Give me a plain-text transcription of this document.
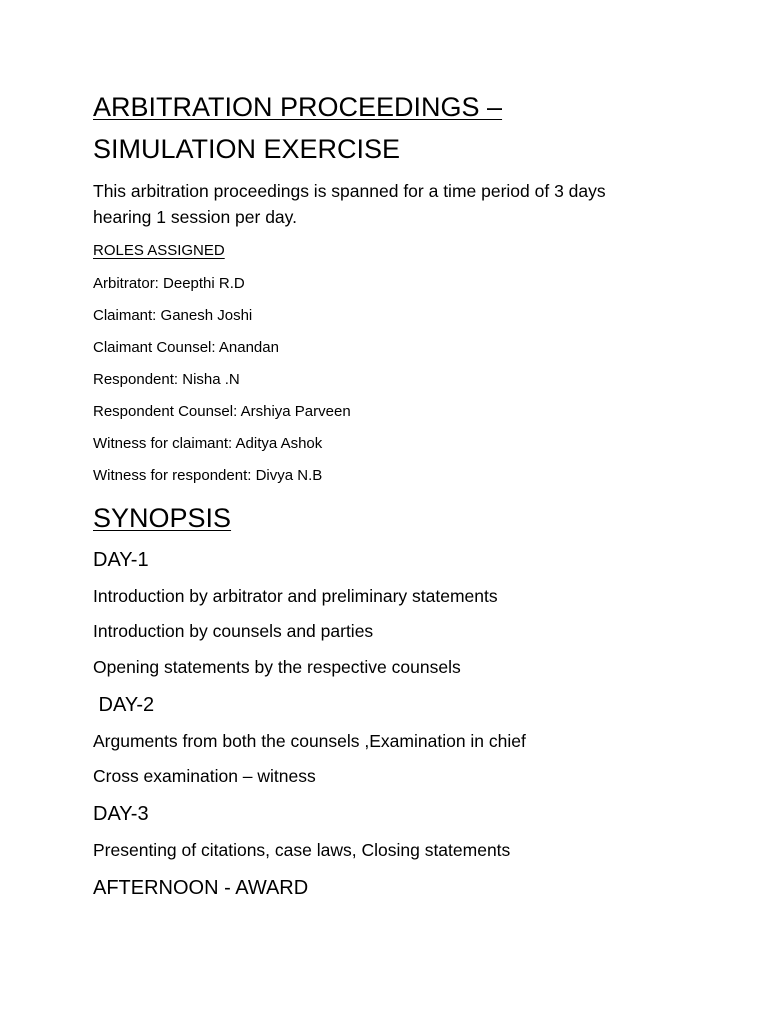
ARBITRATION PROCEEDINGS –
SIMULATION EXERCISE

This arbitration proceedings is spanned for a time period of 3 days

hearing 1 session per day.

ROLES ASSIGNED

Arbitrator: Deepthi R.D

Claimant: Ganesh Joshi

Claimant Counsel: Anandan

Respondent: Nisha .N

Respondent Counsel: Arshiya Parveen

Witness for claimant: Aditya Ashok

Witness for respondent: Divya N.B

SYNOPSIS
DAY-1

Introduction by arbitrator and preliminary statements

Introduction by counsels and parties

Opening statements by the respective counsels

DAY-2

Arguments from both the counsels ,Examination in chief

Cross examination – witness

DAY-3

Presenting of citations, case laws, Closing statements

AFTERNOON - AWARD
